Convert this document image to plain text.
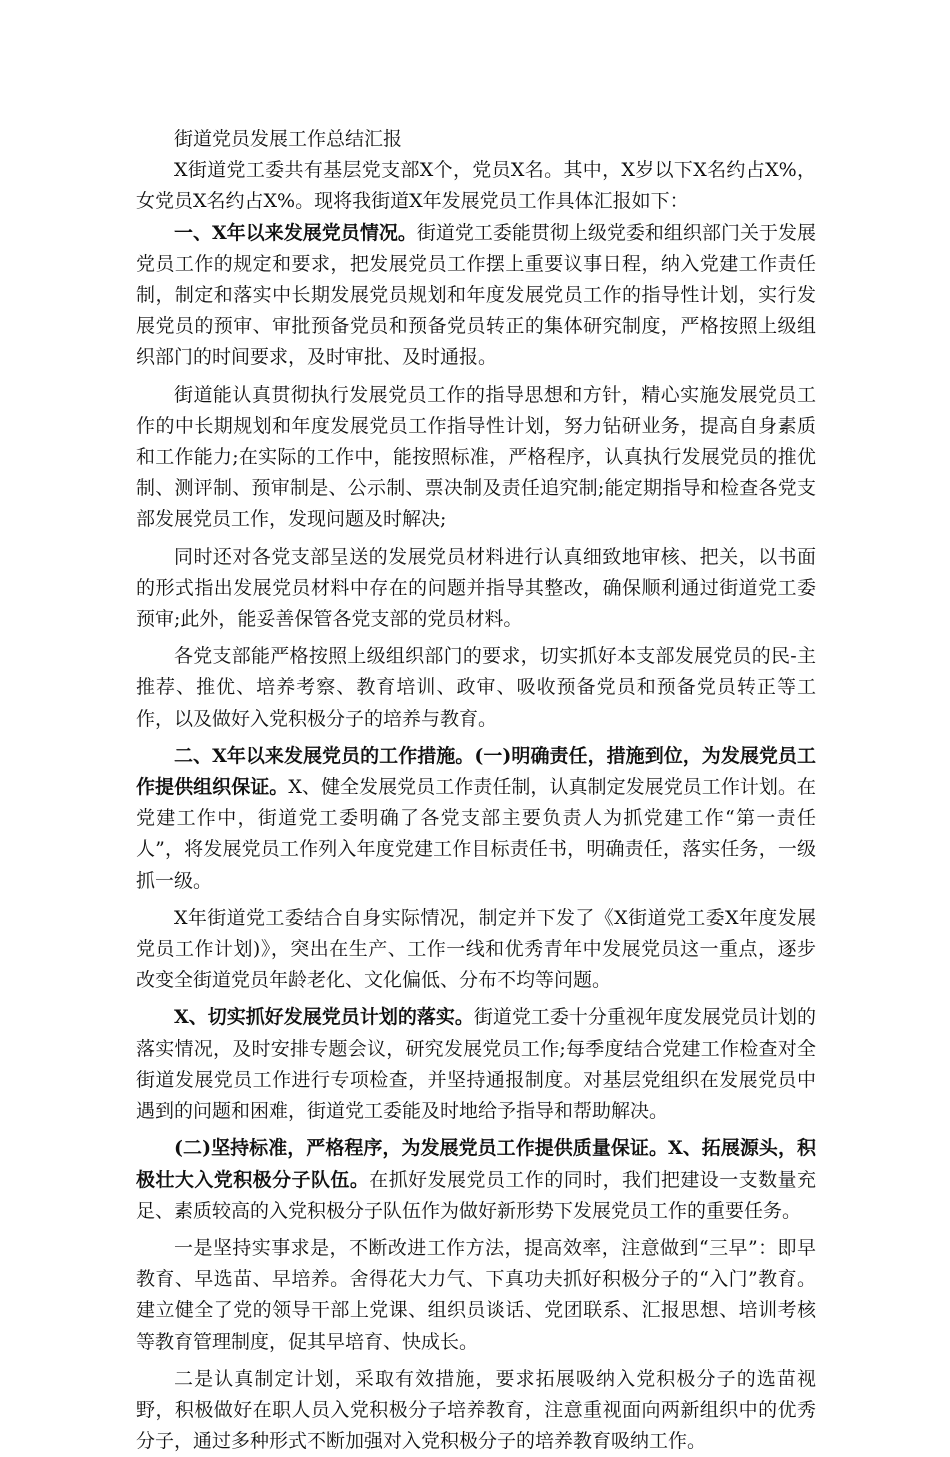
街道党员发展工作总结汇报

X街道党工委共有基层党支部X个，党员X名。其中，X岁以下X名约占X%，女党员X名约占X%。现将我街道X年发展党员工作具体汇报如下：

一、X年以来发展党员情况。街道党工委能贯彻上级党委和组织部门关于发展党员工作的规定和要求，把发展党员工作摆上重要议事日程，纳入党建工作责任制，制定和落实中长期发展党员规划和年度发展党员工作的指导性计划，实行发展党员的预审、审批预备党员和预备党员转正的集体研究制度，严格按照上级组织部门的时间要求，及时审批、及时通报。

街道能认真贯彻执行发展党员工作的指导思想和方针，精心实施发展党员工作的中长期规划和年度发展党员工作指导性计划，努力钻研业务，提高自身素质和工作能力;在实际的工作中，能按照标准，严格程序，认真执行发展党员的推优制、测评制、预审制是、公示制、票决制及责任追究制;能定期指导和检查各党支部发展党员工作，发现问题及时解决;

同时还对各党支部呈送的发展党员材料进行认真细致地审核、把关，以书面的形式指出发展党员材料中存在的问题并指导其整改，确保顺利通过街道党工委预审;此外，能妥善保管各党支部的党员材料。

各党支部能严格按照上级组织部门的要求，切实抓好本支部发展党员的民-主推荐、推优、培养考察、教育培训、政审、吸收预备党员和预备党员转正等工作，以及做好入党积极分子的培养与教育。

二、X年以来发展党员的工作措施。(一)明确责任，措施到位，为发展党员工作提供组织保证。X、健全发展党员工作责任制，认真制定发展党员工作计划。在党建工作中，街道党工委明确了各党支部主要负责人为抓党建工作“第一责任人”，将发展党员工作列入年度党建工作目标责任书，明确责任，落实任务，一级抓一级。

X年街道党工委结合自身实际情况，制定并下发了《X街道党工委X年度发展党员工作计划)》，突出在生产、工作一线和优秀青年中发展党员这一重点，逐步改变全街道党员年龄老化、文化偏低、分布不均等问题。

X、切实抓好发展党员计划的落实。街道党工委十分重视年度发展党员计划的落实情况，及时安排专题会议，研究发展党员工作;每季度结合党建工作检查对全街道发展党员工作进行专项检查，并坚持通报制度。对基层党组织在发展党员中遇到的问题和困难，街道党工委能及时地给予指导和帮助解决。

(二)坚持标准，严格程序，为发展党员工作提供质量保证。X、拓展源头，积极壮大入党积极分子队伍。在抓好发展党员工作的同时，我们把建设一支数量充足、素质较高的入党积极分子队伍作为做好新形势下发展党员工作的重要任务。

一是坚持实事求是，不断改进工作方法，提高效率，注意做到“三早”：即早教育、早选苗、早培养。舍得花大力气、下真功夫抓好积极分子的“入门”教育。建立健全了党的领导干部上党课、组织员谈话、党团联系、汇报思想、培训考核等教育管理制度，促其早培育、快成长。

二是认真制定计划，采取有效措施，要求拓展吸纳入党积极分子的选苗视野，积极做好在职人员入党积极分子培养教育，注意重视面向两新组织中的优秀分子，通过多种形式不断加强对入党积极分子的培养教育吸纳工作。
